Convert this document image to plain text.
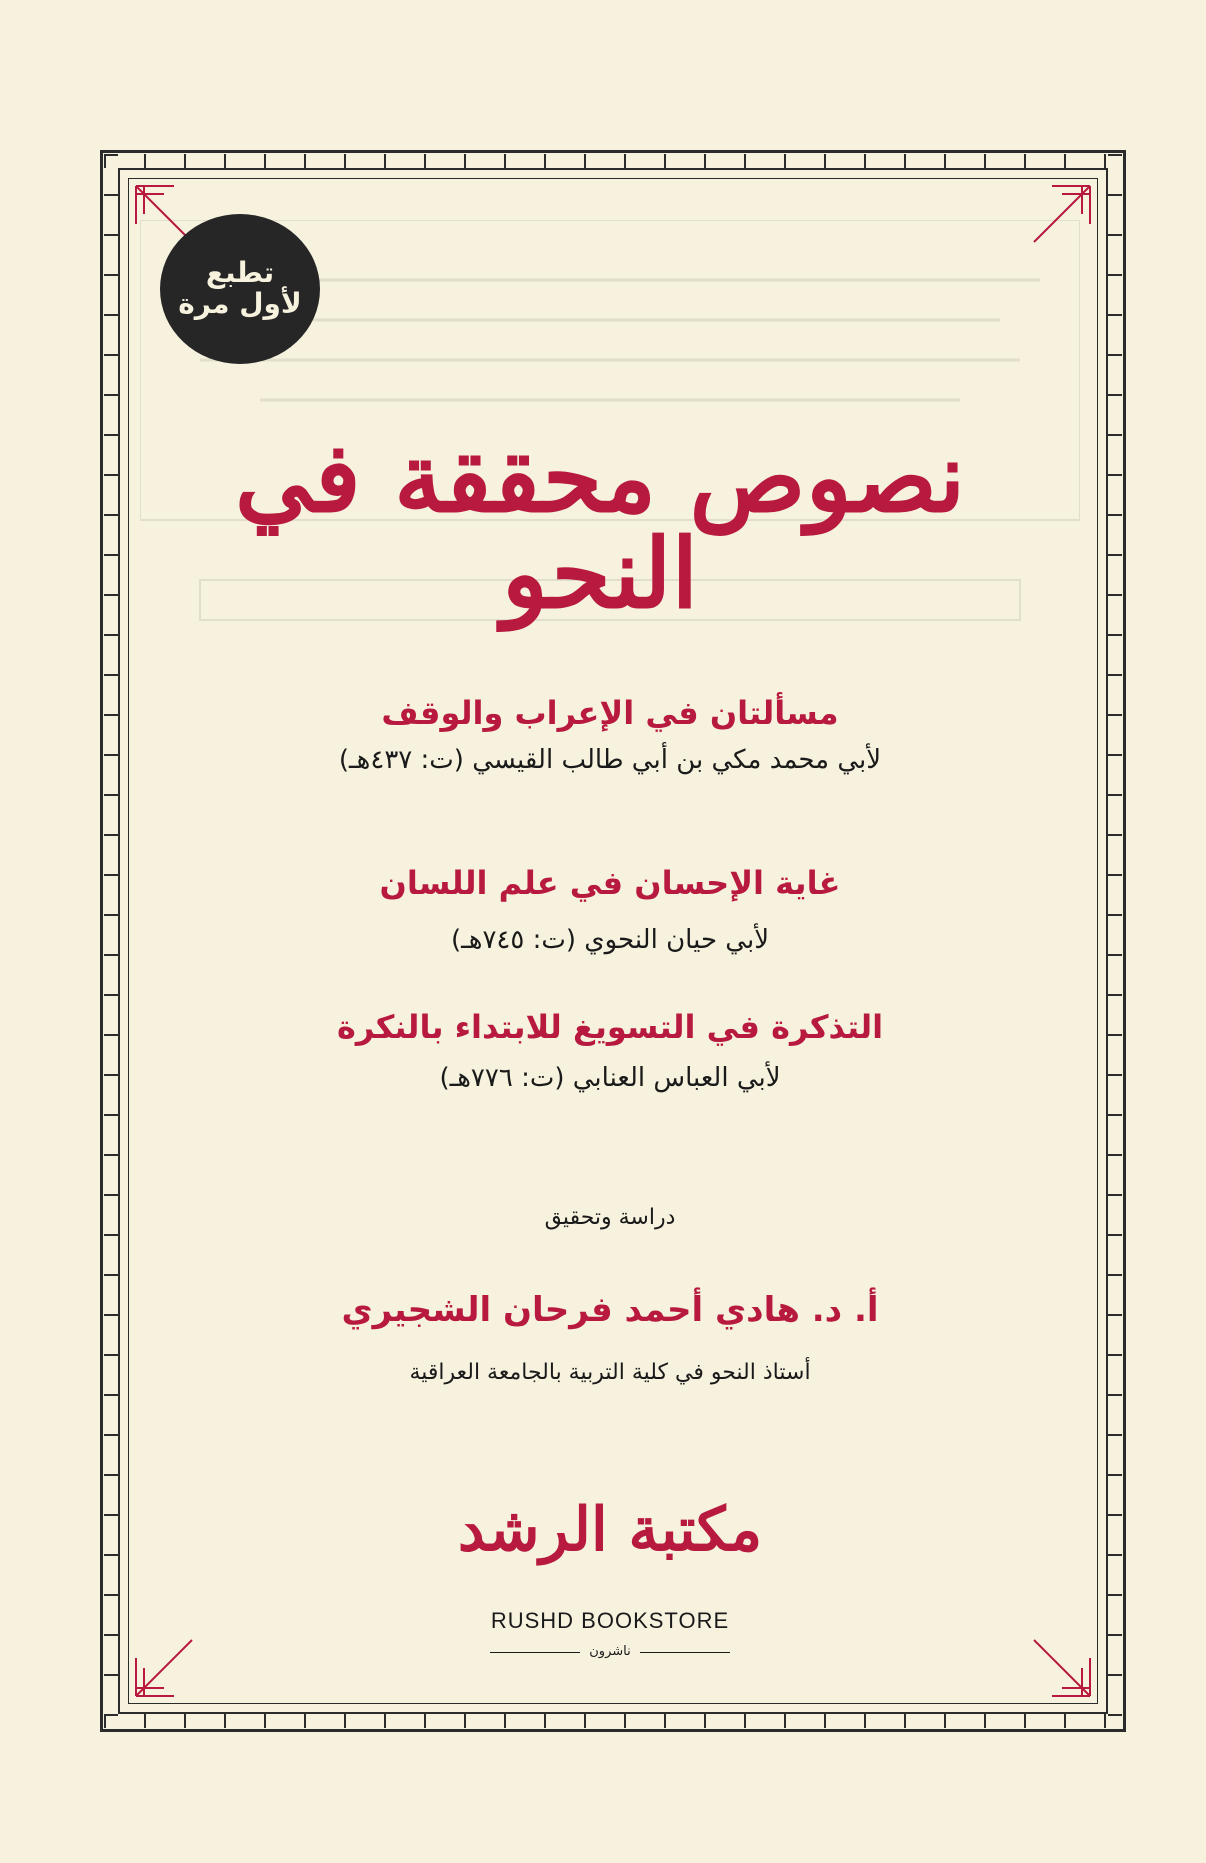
تطبع
لأول مرة
نصوص محققة في النحو
مسألتان في الإعراب والوقف
لأبي محمد مكي بن أبي طالب القيسي (ت: ٤٣٧هـ)
غاية الإحسان في علم اللسان
لأبي حيان النحوي (ت: ٧٤٥هـ)
التذكرة في التسويغ للابتداء بالنكرة
لأبي العباس العنابي (ت: ٧٧٦هـ)
دراسة وتحقيق
أ. د. هادي أحمد فرحان الشجيري
أستاذ النحو في كلية التربية بالجامعة العراقية
مكتبة الرشد
RUSHD BOOKSTORE
ناشرون
